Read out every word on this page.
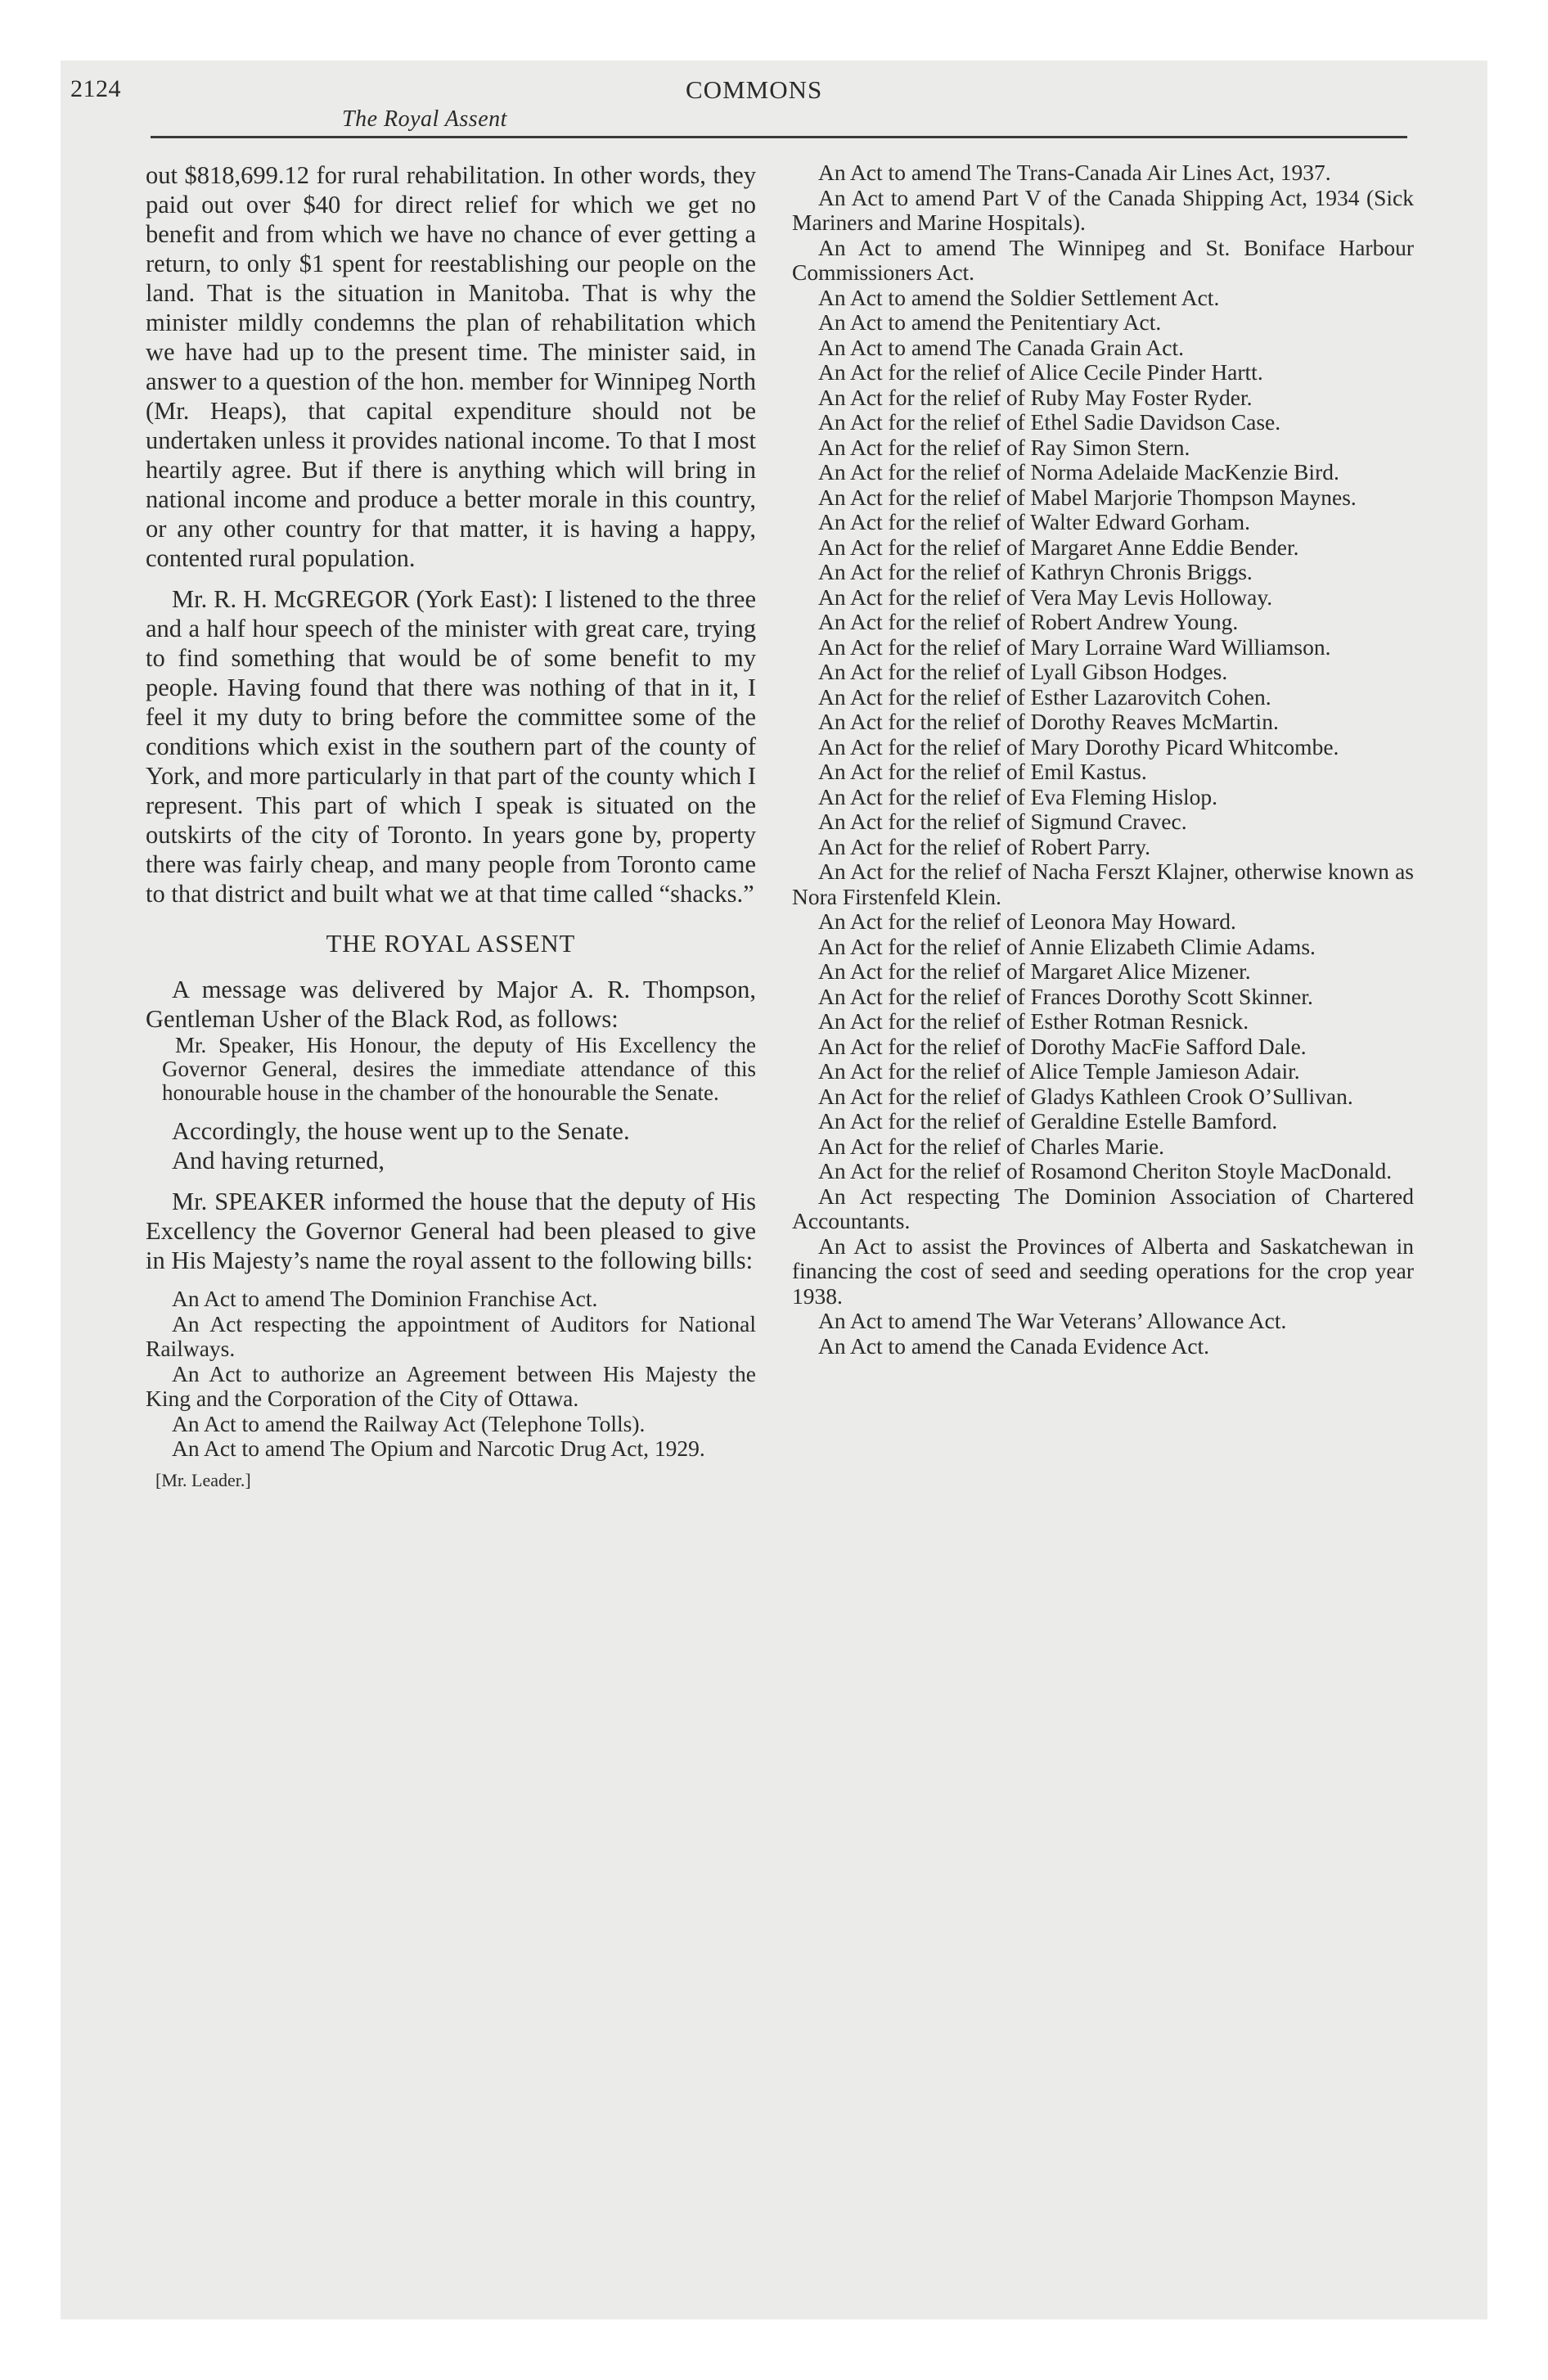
2124	COMMONS
The Royal Assent

out $818,699.12 for rural rehabilitation. In other words, they paid out over $40 for direct relief for which we get no benefit and from which we have no chance of ever getting a return, to only $1 spent for reestablishing our people on the land. That is the situation in Manitoba. That is why the minister mildly condemns the plan of rehabilitation which we have had up to the present time. The minister said, in answer to a question of the hon. member for Winnipeg North (Mr. Heaps), that capital expenditure should not be undertaken unless it provides national income. To that I most heartily agree. But if there is anything which will bring in national income and produce a better morale in this country, or any other country for that matter, it is having a happy, contented rural population.

Mr. R. H. McGREGOR (York East): I listened to the three and a half hour speech of the minister with great care, trying to find something that would be of some benefit to my people. Having found that there was nothing of that in it, I feel it my duty to bring before the committee some of the conditions which exist in the southern part of the county of York, and more particularly in that part of the county which I represent. This part of which I speak is situated on the outskirts of the city of Toronto. In years gone by, property there was fairly cheap, and many people from Toronto came to that district and built what we at that time called “shacks.”

THE ROYAL ASSENT

A message was delivered by Major A. R. Thompson, Gentleman Usher of the Black Rod, as follows:

Mr. Speaker, His Honour, the deputy of His Excellency the Governor General, desires the immediate attendance of this honourable house in the chamber of the honourable the Senate.

Accordingly, the house went up to the Senate.

And having returned,

Mr. SPEAKER informed the house that the deputy of His Excellency the Governor General had been pleased to give in His Majesty’s name the royal assent to the following bills:

An Act to amend The Dominion Franchise Act.

An Act respecting the appointment of Auditors for National Railways.

An Act to authorize an Agreement between His Majesty the King and the Corporation of the City of Ottawa.

An Act to amend the Railway Act (Telephone Tolls).

An Act to amend The Opium and Narcotic Drug Act, 1929.

[Mr. Leader.]

An Act to amend The Trans-Canada Air Lines Act, 1937.

An Act to amend Part V of the Canada Shipping Act, 1934 (Sick Mariners and Marine Hospitals).

An Act to amend The Winnipeg and St. Boniface Harbour Commissioners Act.

An Act to amend the Soldier Settlement Act.

An Act to amend the Penitentiary Act.

An Act to amend The Canada Grain Act.

An Act for the relief of Alice Cecile Pinder Hartt.

An Act for the relief of Ruby May Foster Ryder.

An Act for the relief of Ethel Sadie Davidson Case.

An Act for the relief of Ray Simon Stern.

An Act for the relief of Norma Adelaide MacKenzie Bird.

An Act for the relief of Mabel Marjorie Thompson Maynes.

An Act for the relief of Walter Edward Gorham.

An Act for the relief of Margaret Anne Eddie Bender.

An Act for the relief of Kathryn Chronis Briggs.

An Act for the relief of Vera May Levis Holloway.

An Act for the relief of Robert Andrew Young.

An Act for the relief of Mary Lorraine Ward Williamson.

An Act for the relief of Lyall Gibson Hodges.

An Act for the relief of Esther Lazarovitch Cohen.

An Act for the relief of Dorothy Reaves McMartin.

An Act for the relief of Mary Dorothy Picard Whitcombe.

An Act for the relief of Emil Kastus.

An Act for the relief of Eva Fleming Hislop.

An Act for the relief of Sigmund Cravec.

An Act for the relief of Robert Parry.

An Act for the relief of Nacha Ferszt Klajner, otherwise known as Nora Firstenfeld Klein.

An Act for the relief of Leonora May Howard.

An Act for the relief of Annie Elizabeth Climie Adams.

An Act for the relief of Margaret Alice Mizener.

An Act for the relief of Frances Dorothy Scott Skinner.

An Act for the relief of Esther Rotman Resnick.

An Act for the relief of Dorothy MacFie Safford Dale.

An Act for the relief of Alice Temple Jamieson Adair.

An Act for the relief of Gladys Kathleen Crook O’Sullivan.

An Act for the relief of Geraldine Estelle Bamford.

An Act for the relief of Charles Marie.

An Act for the relief of Rosamond Cheriton Stoyle MacDonald.

An Act respecting The Dominion Association of Chartered Accountants.

An Act to assist the Provinces of Alberta and Saskatchewan in financing the cost of seed and seeding operations for the crop year 1938.

An Act to amend The War Veterans’ Allowance Act.

An Act to amend the Canada Evidence Act.
